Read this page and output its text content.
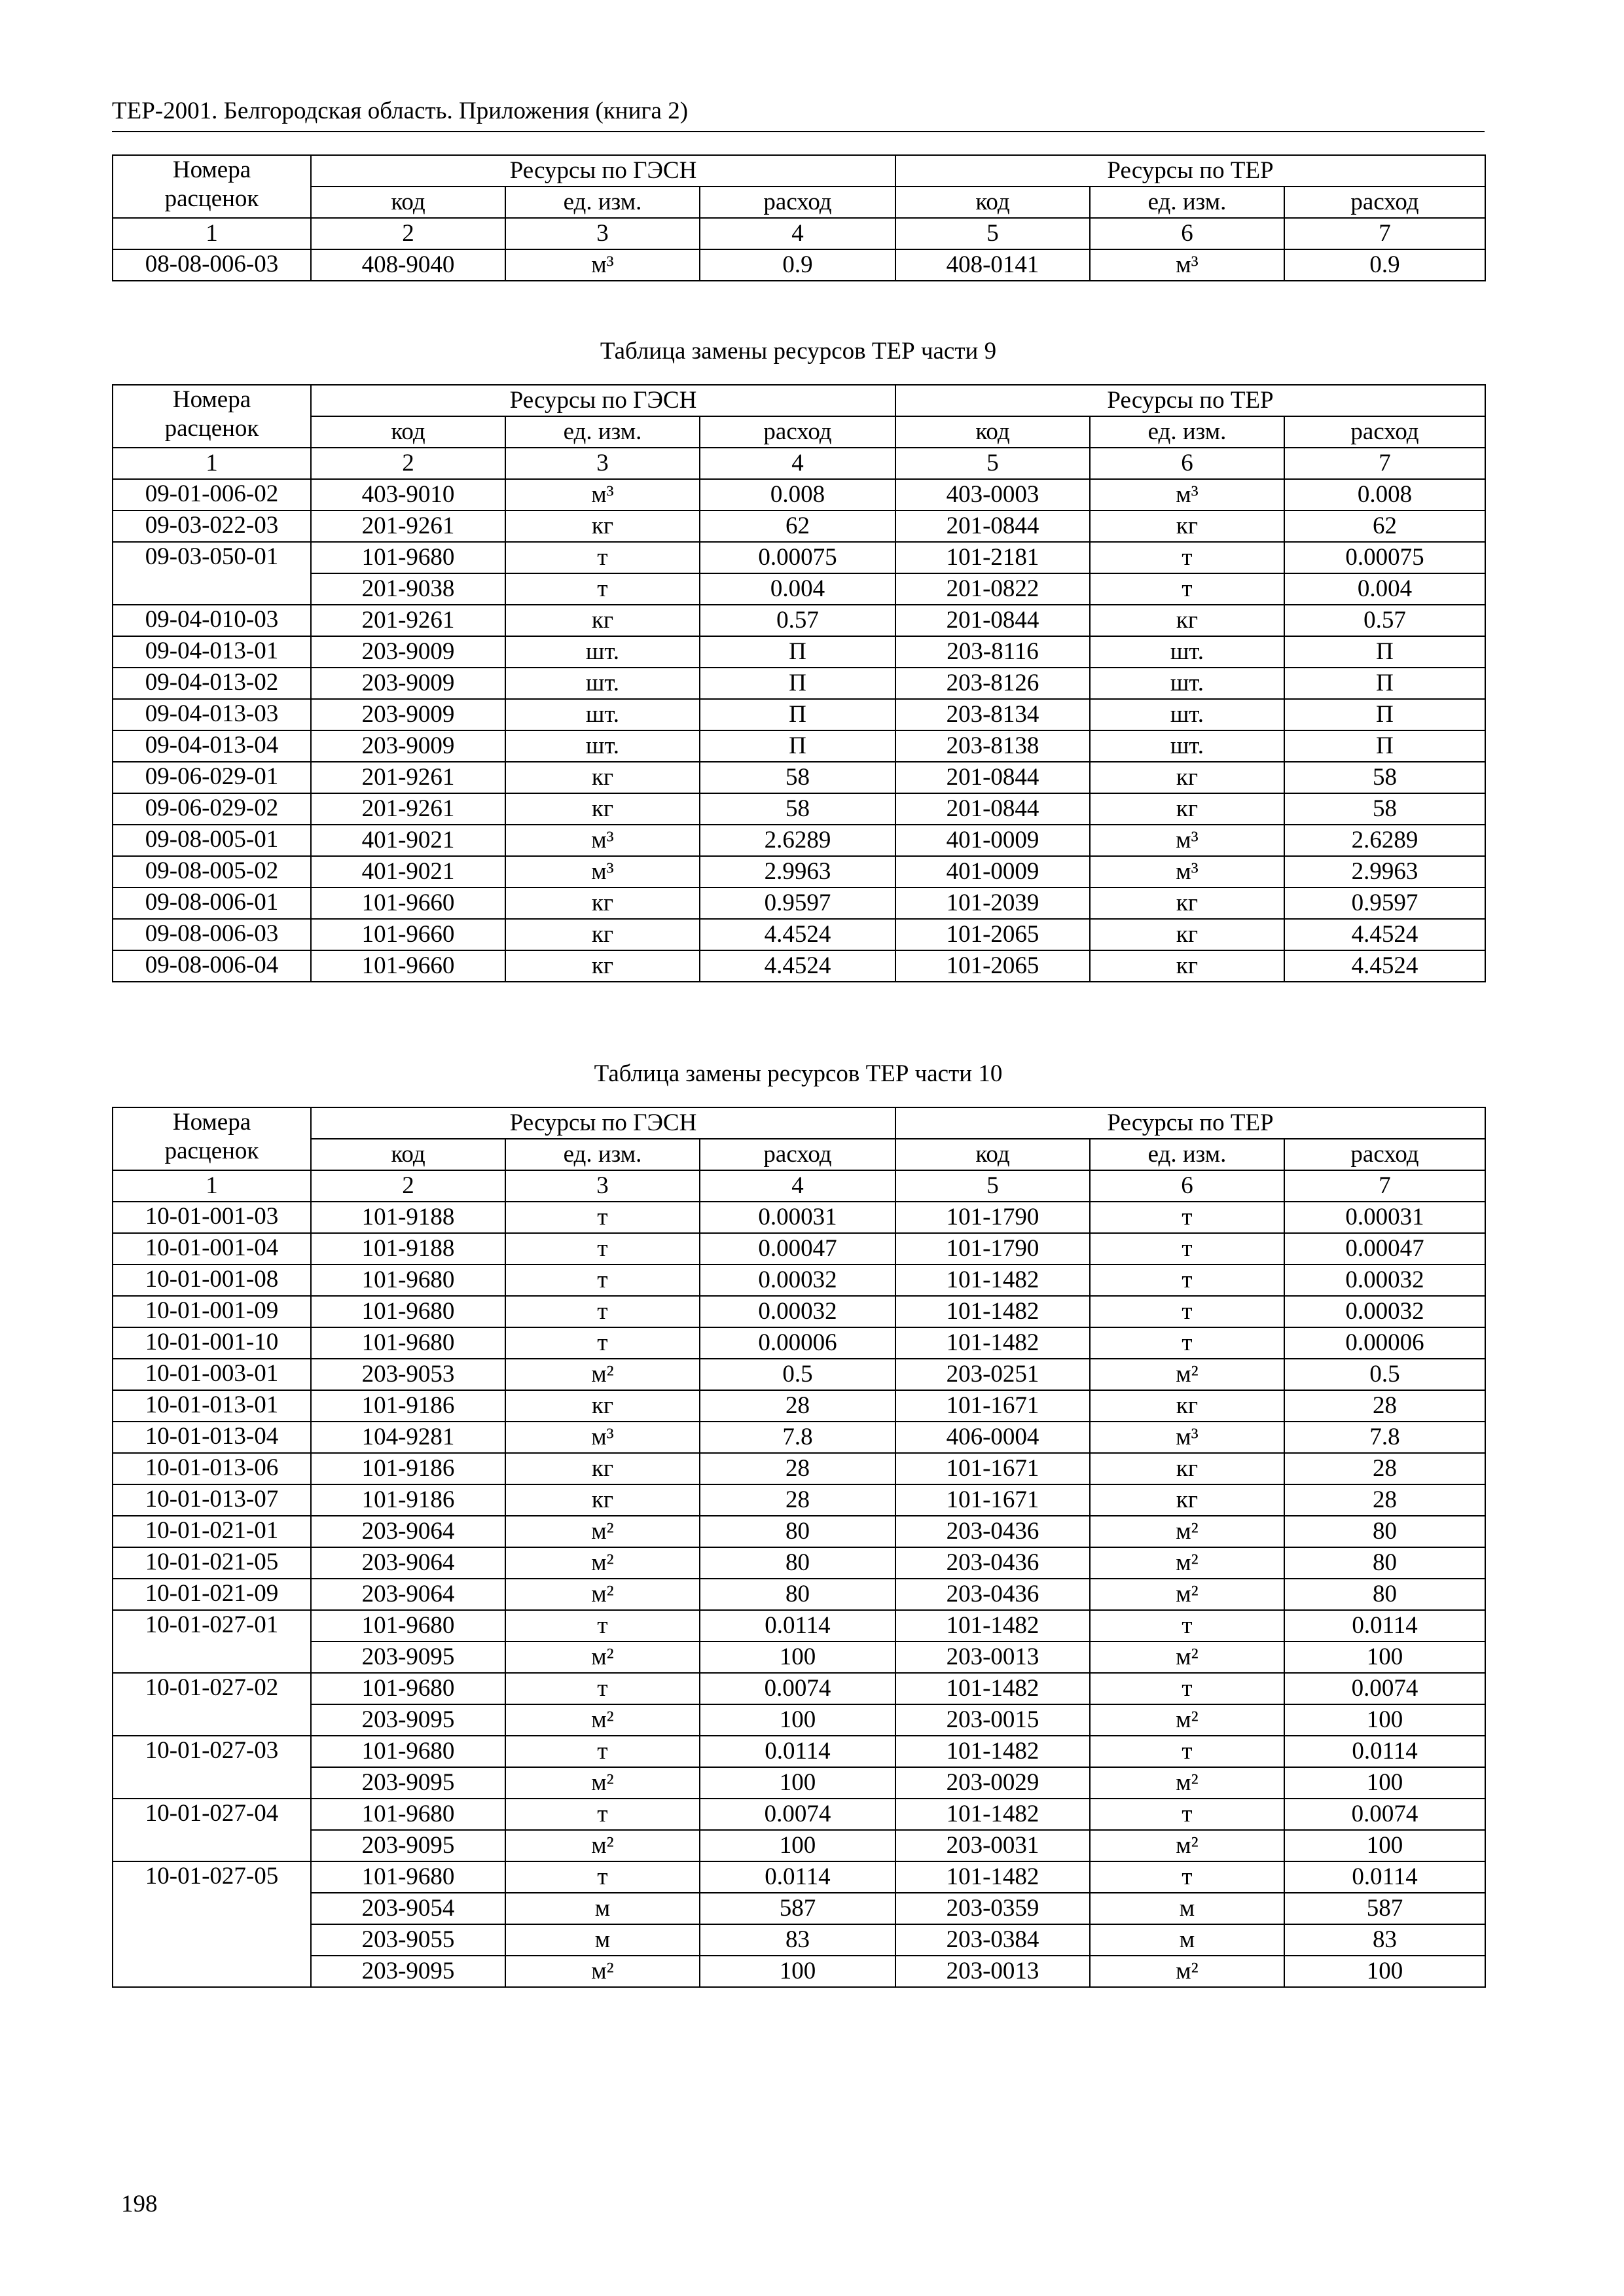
ТЕР-2001. Белгородская область. Приложения (книга 2)
Таблица замены ресурсов ТЕР части 9
Таблица замены ресурсов ТЕР части 10
Номера
расценок	Ресурсы по ГЭСН			Ресурсы по ТЕР		
	код	ед. изм.	расход	код	ед. изм.	расход
1	2	3	4	5	6	7
08-08-006-03	408-9040	м³	0.9	408-0141	м³	0.9
Номера
расценок	Ресурсы по ГЭСН			Ресурсы по ТЕР		
	код	ед. изм.	расход	код	ед. изм.	расход
1	2	3	4	5	6	7
09-01-006-02	403-9010	м³	0.008	403-0003	м³	0.008
09-03-022-03	201-9261	кг	62	201-0844	кг	62
09-03-050-01	101-9680	т	0.00075	101-2181	т	0.00075
	201-9038	т	0.004	201-0822	т	0.004
09-04-010-03	201-9261	кг	0.57	201-0844	кг	0.57
09-04-013-01	203-9009	шт.	П	203-8116	шт.	П
09-04-013-02	203-9009	шт.	П	203-8126	шт.	П
09-04-013-03	203-9009	шт.	П	203-8134	шт.	П
09-04-013-04	203-9009	шт.	П	203-8138	шт.	П
09-06-029-01	201-9261	кг	58	201-0844	кг	58
09-06-029-02	201-9261	кг	58	201-0844	кг	58
09-08-005-01	401-9021	м³	2.6289	401-0009	м³	2.6289
09-08-005-02	401-9021	м³	2.9963	401-0009	м³	2.9963
09-08-006-01	101-9660	кг	0.9597	101-2039	кг	0.9597
09-08-006-03	101-9660	кг	4.4524	101-2065	кг	4.4524
09-08-006-04	101-9660	кг	4.4524	101-2065	кг	4.4524
Номера
расценок	Ресурсы по ГЭСН			Ресурсы по ТЕР		
	код	ед. изм.	расход	код	ед. изм.	расход
1	2	3	4	5	6	7
10-01-001-03	101-9188	т	0.00031	101-1790	т	0.00031
10-01-001-04	101-9188	т	0.00047	101-1790	т	0.00047
10-01-001-08	101-9680	т	0.00032	101-1482	т	0.00032
10-01-001-09	101-9680	т	0.00032	101-1482	т	0.00032
10-01-001-10	101-9680	т	0.00006	101-1482	т	0.00006
10-01-003-01	203-9053	м²	0.5	203-0251	м²	0.5
10-01-013-01	101-9186	кг	28	101-1671	кг	28
10-01-013-04	104-9281	м³	7.8	406-0004	м³	7.8
10-01-013-06	101-9186	кг	28	101-1671	кг	28
10-01-013-07	101-9186	кг	28	101-1671	кг	28
10-01-021-01	203-9064	м²	80	203-0436	м²	80
10-01-021-05	203-9064	м²	80	203-0436	м²	80
10-01-021-09	203-9064	м²	80	203-0436	м²	80
10-01-027-01	101-9680	т	0.0114	101-1482	т	0.0114
	203-9095	м²	100	203-0013	м²	100
10-01-027-02	101-9680	т	0.0074	101-1482	т	0.0074
	203-9095	м²	100	203-0015	м²	100
10-01-027-03	101-9680	т	0.0114	101-1482	т	0.0114
	203-9095	м²	100	203-0029	м²	100
10-01-027-04	101-9680	т	0.0074	101-1482	т	0.0074
	203-9095	м²	100	203-0031	м²	100
10-01-027-05	101-9680	т	0.0114	101-1482	т	0.0114
	203-9054	м	587	203-0359	м	587
	203-9055	м	83	203-0384	м	83
	203-9095	м²	100	203-0013	м²	100
198
